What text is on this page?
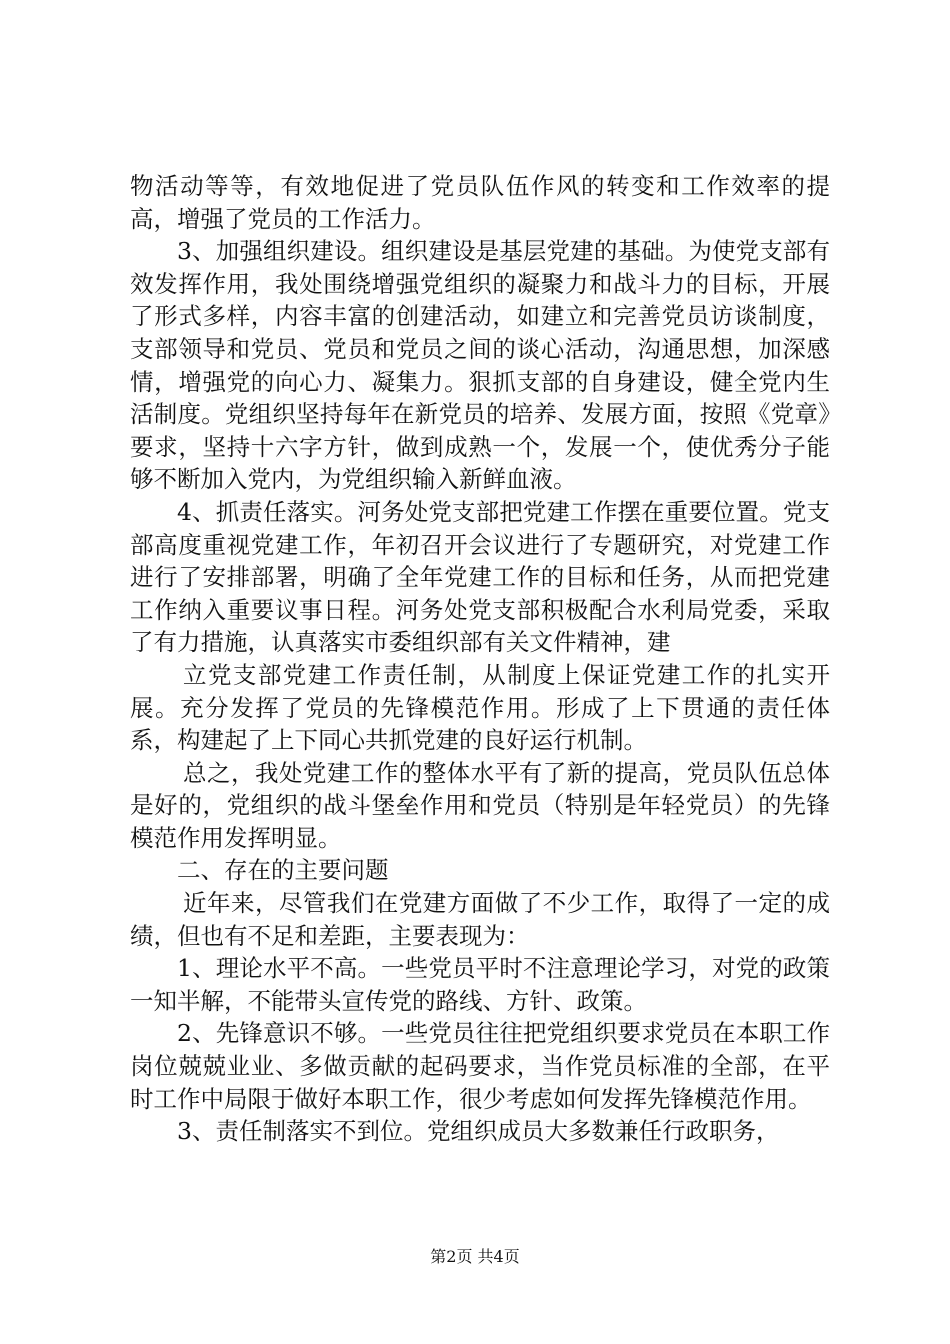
物活动等等，有效地促进了党员队伍作风的转变和工作效率的提高，增强了党员的工作活力。

3、加强组织建设。组织建设是基层党建的基础。为使党支部有效发挥作用，我处围绕增强党组织的凝聚力和战斗力的目标，开展了形式多样，内容丰富的创建活动，如建立和完善党员访谈制度，支部领导和党员、党员和党员之间的谈心活动，沟通思想，加深感情，增强党的向心力、凝集力。狠抓支部的自身建设，健全党内生活制度。党组织坚持每年在新党员的培养、发展方面，按照《党章》要求，坚持十六字方针，做到成熟一个，发展一个，使优秀分子能够不断加入党内，为党组织输入新鲜血液。

4、抓责任落实。河务处党支部把党建工作摆在重要位置。党支部高度重视党建工作，年初召开会议进行了专题研究，对党建工作进行了安排部署，明确了全年党建工作的目标和任务，从而把党建工作纳入重要议事日程。河务处党支部积极配合水利局党委，采取了有力措施，认真落实市委组织部有关文件精神，建

立党支部党建工作责任制，从制度上保证党建工作的扎实开展。充分发挥了党员的先锋模范作用。形成了上下贯通的责任体系，构建起了上下同心共抓党建的良好运行机制。

总之，我处党建工作的整体水平有了新的提高，党员队伍总体是好的，党组织的战斗堡垒作用和党员（特别是年轻党员）的先锋模范作用发挥明显。

二、存在的主要问题

近年来，尽管我们在党建方面做了不少工作，取得了一定的成绩，但也有不足和差距，主要表现为：

1、理论水平不高。一些党员平时不注意理论学习，对党的政策一知半解，不能带头宣传党的路线、方针、政策。

2、先锋意识不够。一些党员往往把党组织要求党员在本职工作岗位兢兢业业、多做贡献的起码要求，当作党员标准的全部，在平时工作中局限于做好本职工作，很少考虑如何发挥先锋模范作用。

3、责任制落实不到位。党组织成员大多数兼任行政职务，

第2页 共4页
